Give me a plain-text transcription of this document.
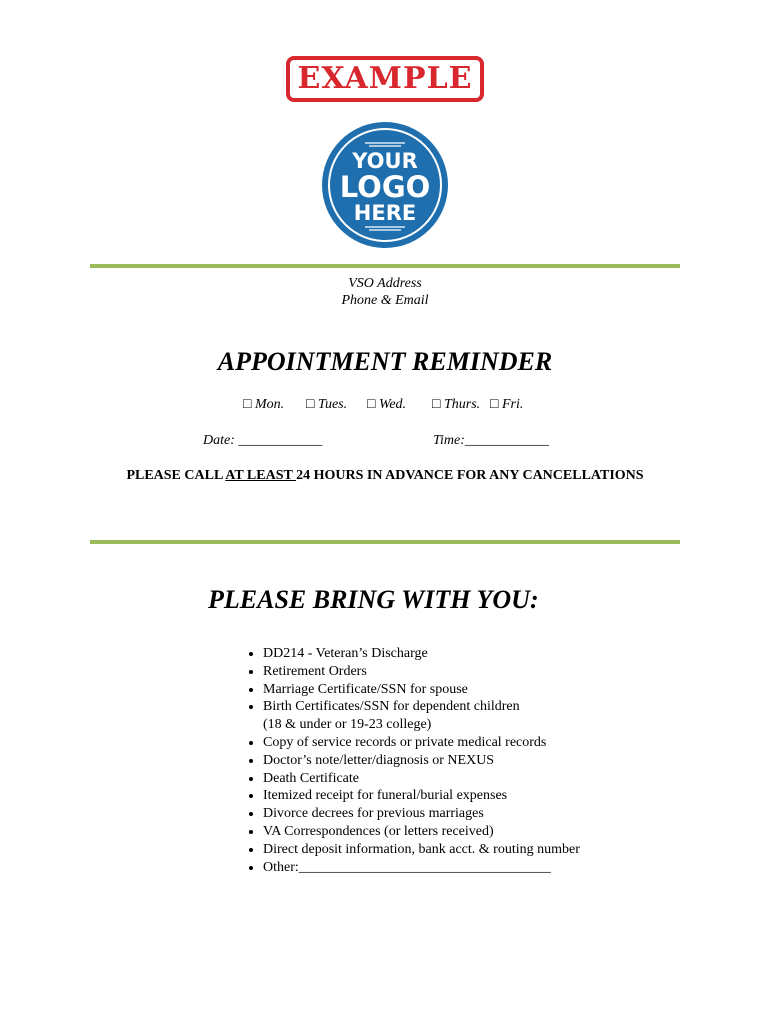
EXAMPLE
YOUR
LOGO
HERE
VSO Address
Phone & Email
APPOINTMENT REMINDER
□ Mon. □ Tues. □ Wed. □ Thurs. □ Fri.
Date: ____________	Time:____________
PLEASE CALL AT LEAST 24 HOURS IN ADVANCE FOR ANY CANCELLATIONS
PLEASE BRING WITH YOU:
• DD214 - Veteran’s Discharge
• Retirement Orders
• Marriage Certificate/SSN for spouse
• Birth Certificates/SSN for dependent children
(18 & under or 19-23 college)
• Copy of service records or private medical records
• Doctor’s note/letter/diagnosis or NEXUS
• Death Certificate
• Itemized receipt for funeral/burial expenses
• Divorce decrees for previous marriages
• VA Correspondences (or letters received)
• Direct deposit information, bank acct. & routing number
• Other:____________________________________
